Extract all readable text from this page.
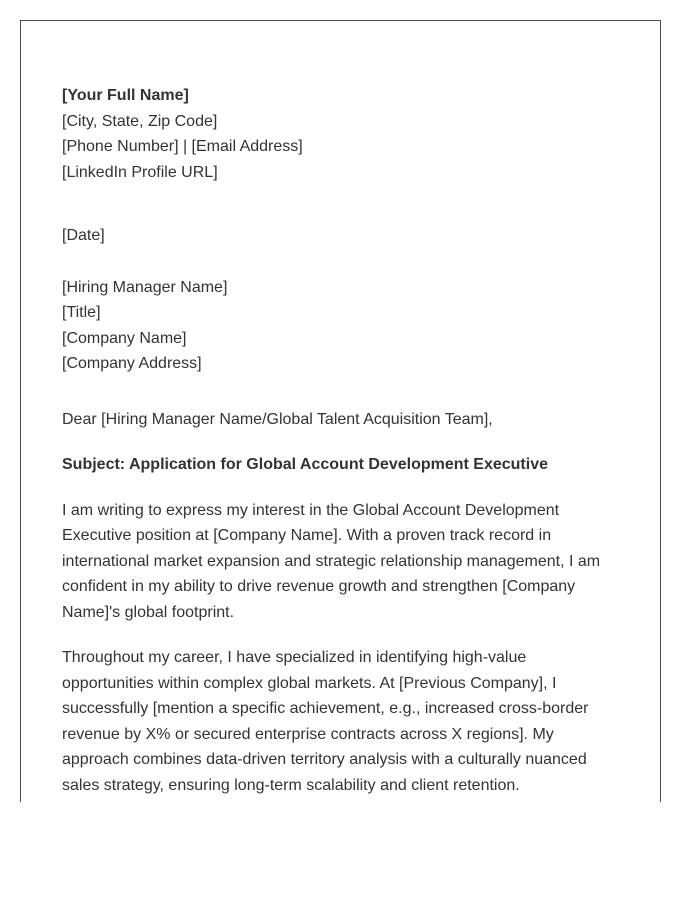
[Your Full Name]
[City, State, Zip Code]
[Phone Number] | [Email Address]
[LinkedIn Profile URL]
[Date]
[Hiring Manager Name]
[Title]
[Company Name]
[Company Address]
Dear [Hiring Manager Name/Global Talent Acquisition Team],
Subject: Application for Global Account Development Executive
I am writing to express my interest in the Global Account Development
Executive position at [Company Name]. With a proven track record in
international market expansion and strategic relationship management, I am
confident in my ability to drive revenue growth and strengthen [Company
Name]'s global footprint.
Throughout my career, I have specialized in identifying high-value
opportunities within complex global markets. At [Previous Company], I
successfully [mention a specific achievement, e.g., increased cross-border
revenue by X% or secured enterprise contracts across X regions]. My
approach combines data-driven territory analysis with a culturally nuanced
sales strategy, ensuring long-term scalability and client retention.
